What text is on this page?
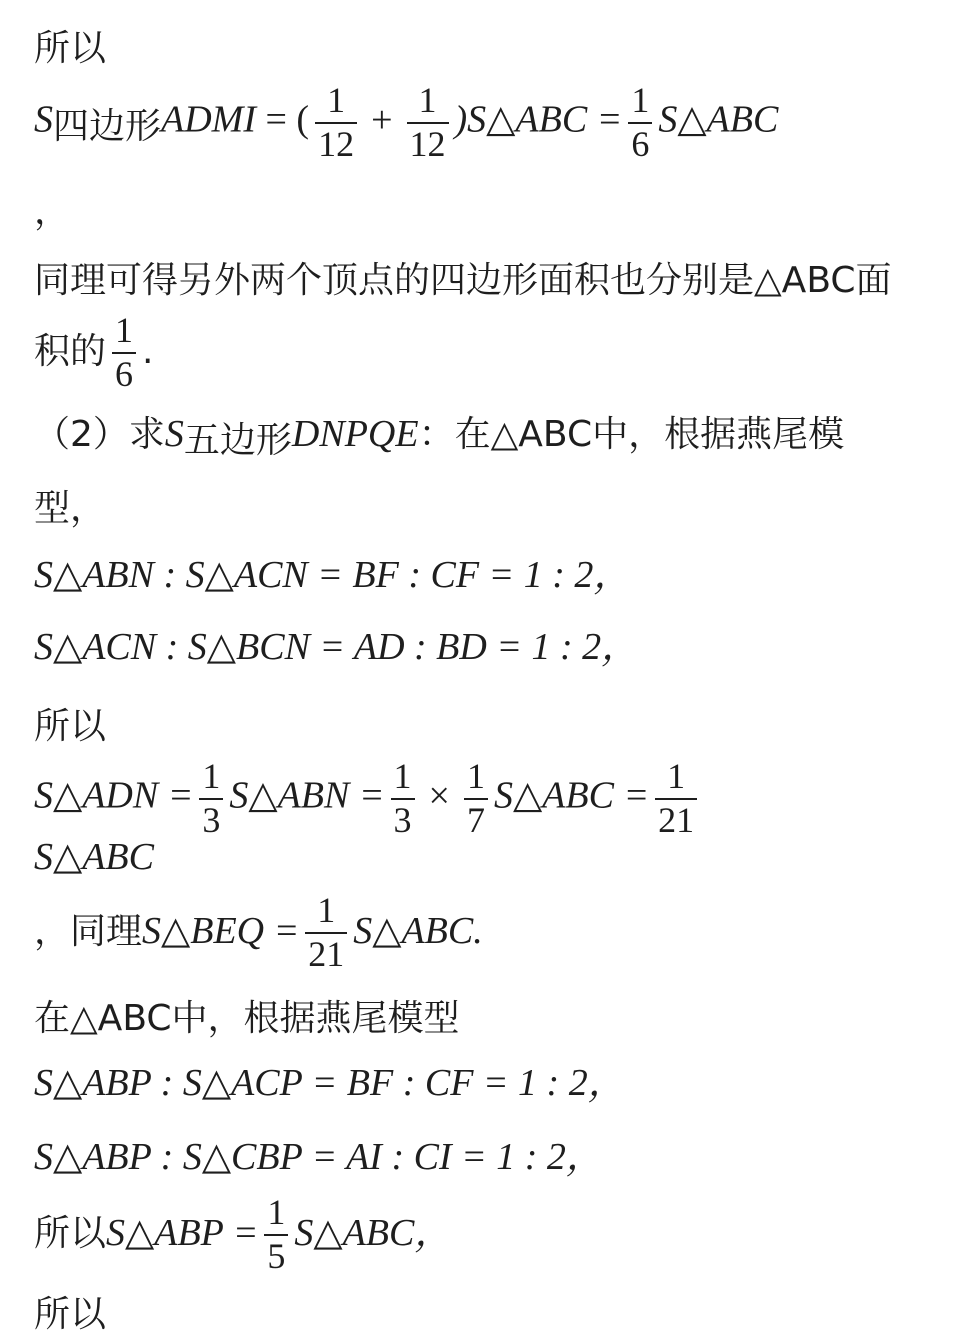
所以
S四边形ADMI = ( $\frac{1}{12} + \frac{1}{12}$ )S△ABC = $\frac{1}{6}$ S△ABC
，
同理可得另外两个顶点的四边形面积也分别是△ABC面
积的 $\frac{1}{6}$ .
（2）求S五边形DNPQE：在△ABC中，根据燕尾模
型，
S△ABN : S△ACN = BF : CF = 1 : 2，
S△ACN : S△BCN = AD : BD = 1 : 2，
所以
S△ADN = $\frac{1}{3}$ S△ABN = $\frac{1}{3} \times \frac{1}{7}$ S△ABC = $\frac{1}{21}$
S△ABC
，同理S△BEQ = $\frac{1}{21}$ S△ABC.
在△ABC中，根据燕尾模型
S△ABP : S△ACP = BF : CF = 1 : 2，
S△ABP : S△CBP = AI : CI = 1 : 2，
所以S△ABP = $\frac{1}{5}$ S△ABC，
所以
